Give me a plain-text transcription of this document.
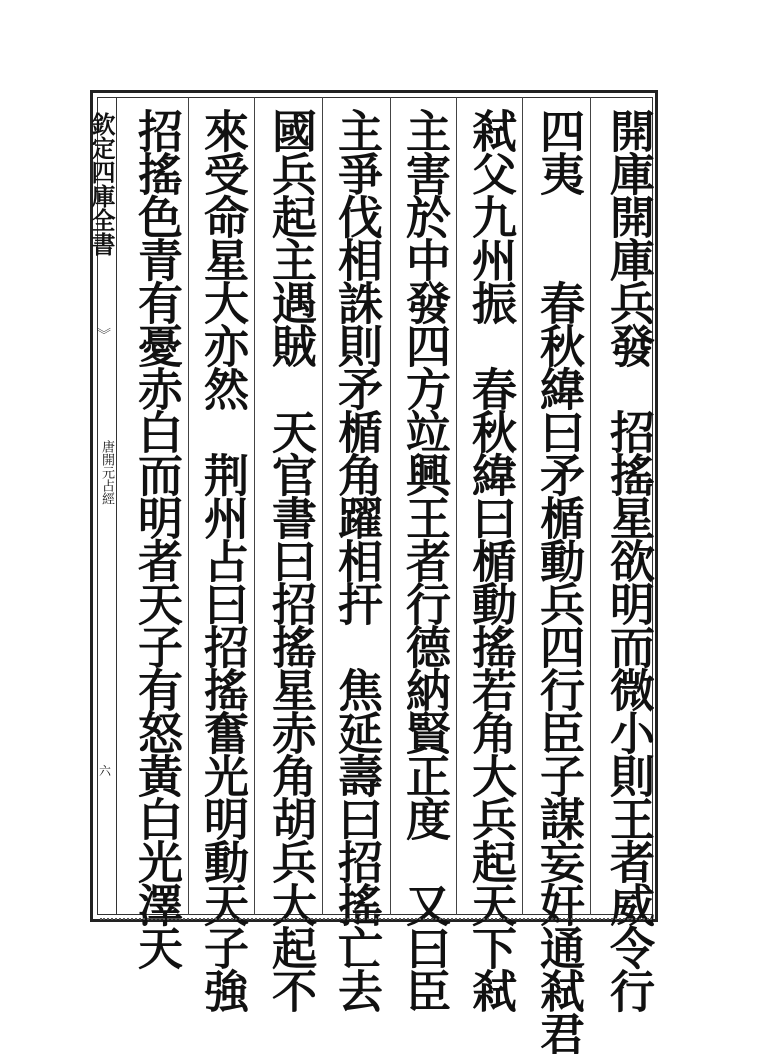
欽定四庫全書
︾
唐開元占經
六	開庫開庫兵發　招搖星欲明而微小則王者威令行
四夷　　春秋緯曰矛楯動兵四行臣子謀妄奸通弒君
弒父九州振　春秋緯曰楯動搖若角大兵起天下弒
主害於中發四方竝興王者行德納賢正度　又曰臣
主爭伐相誅則矛楯角躍相扞　焦延壽曰招搖亡去
國兵起主遇賊　天官書曰招搖星赤角胡兵大起不
來受命星大亦然　荆州占曰招搖奮光明動天子強
招搖色青有憂赤白而明者天子有怒黃白光澤天
